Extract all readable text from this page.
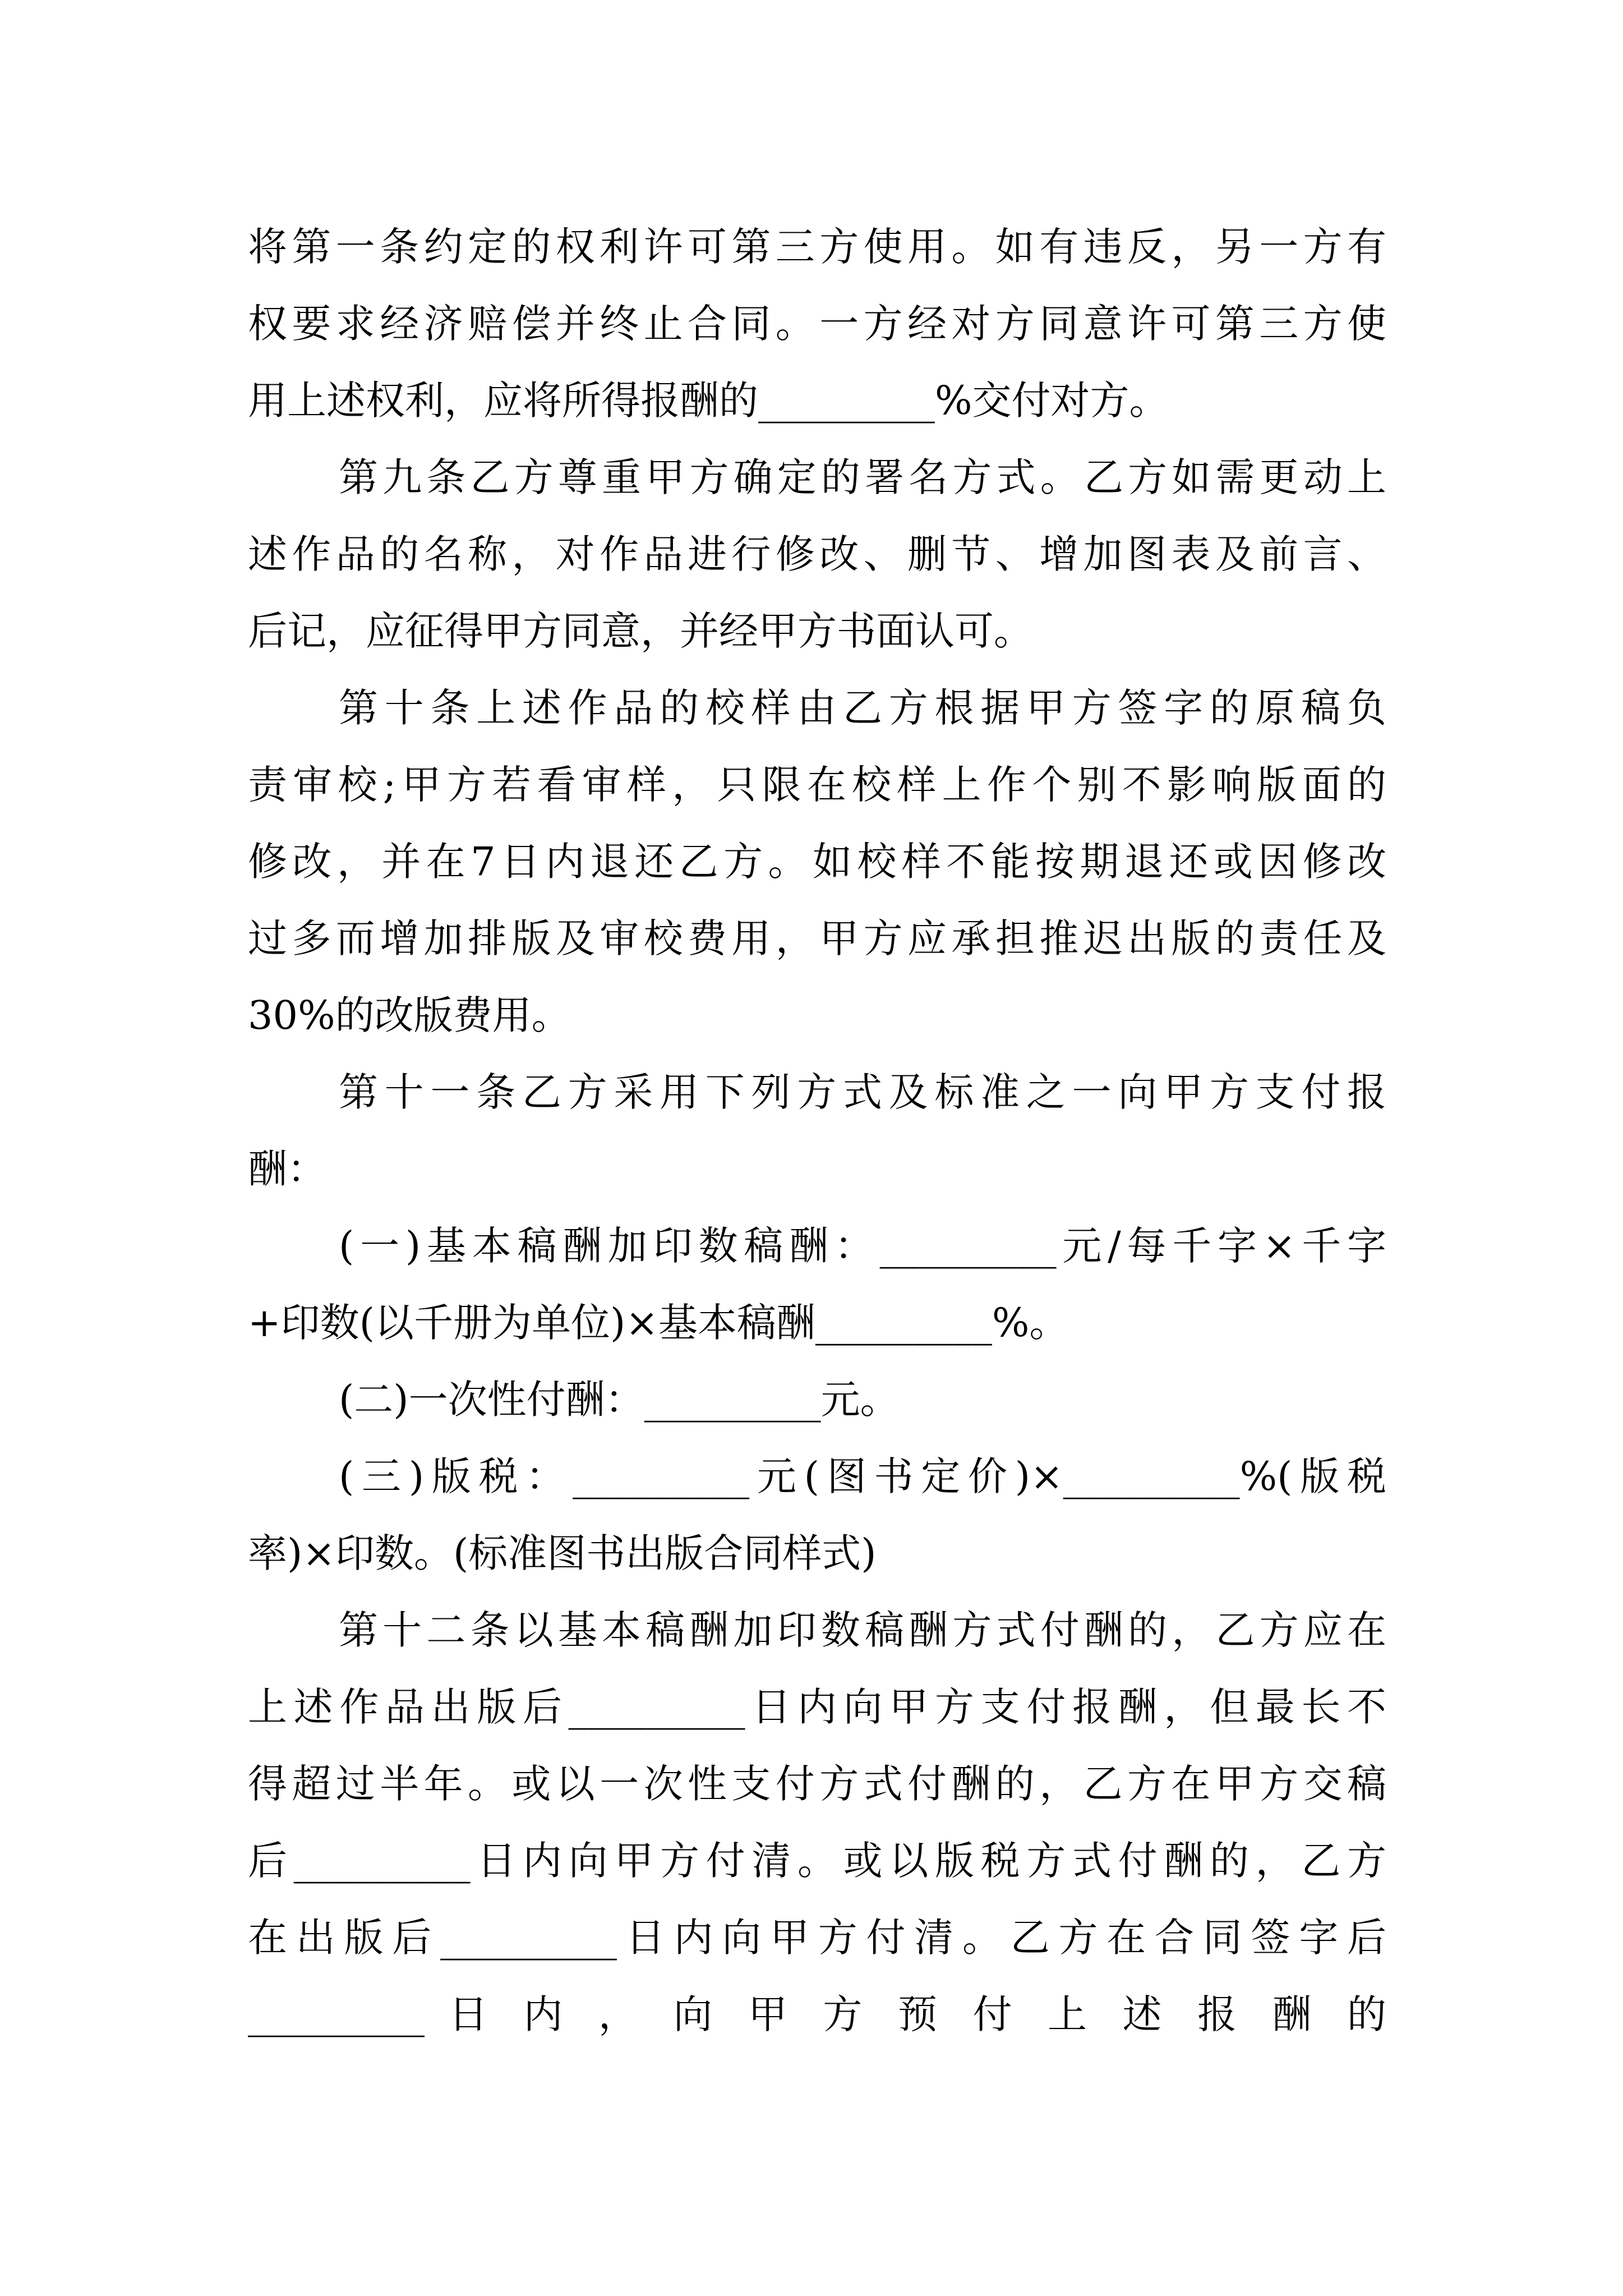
将第一条约定的权利许可第三方使用。如有违反，另一方有
权要求经济赔偿并终止合同。一方经对方同意许可第三方使
用上述权利，应将所得报酬的_________%交付对方。
第九条乙方尊重甲方确定的署名方式。乙方如需更动上
述作品的名称，对作品进行修改、删节、增加图表及前言、
后记，应征得甲方同意，并经甲方书面认可。
第十条上述作品的校样由乙方根据甲方签字的原稿负
责审校;甲方若看审样，只限在校样上作个别不影响版面的
修改，并在7日内退还乙方。如校样不能按期退还或因修改
过多而增加排版及审校费用，甲方应承担推迟出版的责任及
30%的改版费用。
第十一条乙方采用下列方式及标准之一向甲方支付报
酬：
(一)基本稿酬加印数稿酬：_________元/每千字×千字
+印数(以千册为单位)×基本稿酬_________%。
(二)一次性付酬：_________元。
(三)版税：_________元(图书定价)×_________%(版税
率)×印数。(标准图书出版合同样式)
第十二条以基本稿酬加印数稿酬方式付酬的，乙方应在
上述作品出版后_________日内向甲方支付报酬，但最长不
得超过半年。或以一次性支付方式付酬的，乙方在甲方交稿
后_________日内向甲方付清。或以版税方式付酬的，乙方
在出版后_________日内向甲方付清。乙方在合同签字后
_________ 日 内 ， 向 甲 方 预 付 上 述 报 酬 的
